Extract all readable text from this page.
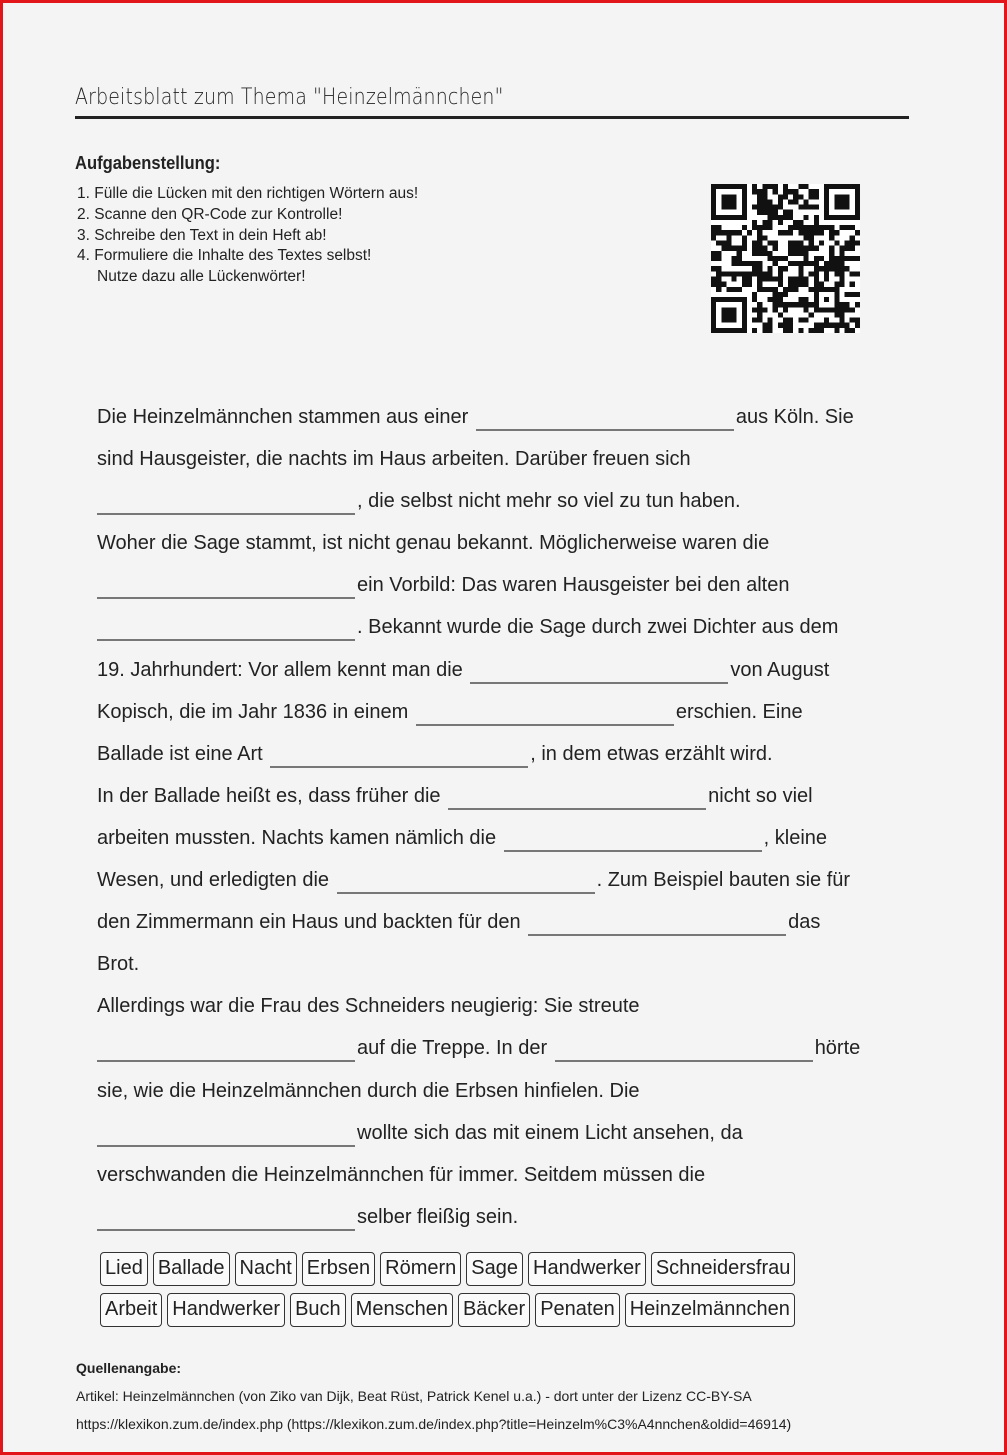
Arbeitsblatt zum Thema "Heinzelmännchen"
Aufgabenstellung:
1. Fülle die Lücken mit den richtigen Wörtern aus!
2. Scanne den QR-Code zur Kontrolle!
3. Schreibe den Text in dein Heft ab!
4. Formuliere die Inhalte des Textes selbst!
Nutze dazu alle Lückenwörter!
Die Heinzelmännchen stammen aus einer	aus Köln. Sie
sind Hausgeister, die nachts im Haus arbeiten. Darüber freuen sich
, die selbst nicht mehr so viel zu tun haben.
Woher die Sage stammt, ist nicht genau bekannt. Möglicherweise waren die
ein Vorbild: Das waren Hausgeister bei den alten
. Bekannt wurde die Sage durch zwei Dichter aus dem
19. Jahrhundert: Vor allem kennt man die	von August
Kopisch, die im Jahr 1836 in einem	erschien. Eine
Ballade ist eine Art	, in dem etwas erzählt wird.
In der Ballade heißt es, dass früher die	nicht so viel
arbeiten mussten. Nachts kamen nämlich die	, kleine
Wesen, und erledigten die	. Zum Beispiel bauten sie für
den Zimmermann ein Haus und backten für den	das
Brot.
Allerdings war die Frau des Schneiders neugierig: Sie streute
auf die Treppe. In der	hörte
sie, wie die Heinzelmännchen durch die Erbsen hinfielen. Die
wollte sich das mit einem Licht ansehen, da
verschwanden die Heinzelmännchen für immer. Seitdem müssen die
selber fleißig sein.
Lied Ballade Nacht Erbsen Römern Sage Handwerker Schneidersfrau
Arbeit Handwerker Buch Menschen Bäcker Penaten Heinzelmännchen
Quellenangabe:
Artikel: Heinzelmännchen (von Ziko van Dijk, Beat Rüst, Patrick Kenel u.a.) - dort unter der Lizenz CC-BY-SA
https://klexikon.zum.de/index.php (https://klexikon.zum.de/index.php?title=Heinzelm%C3%A4nnchen&oldid=46914)
